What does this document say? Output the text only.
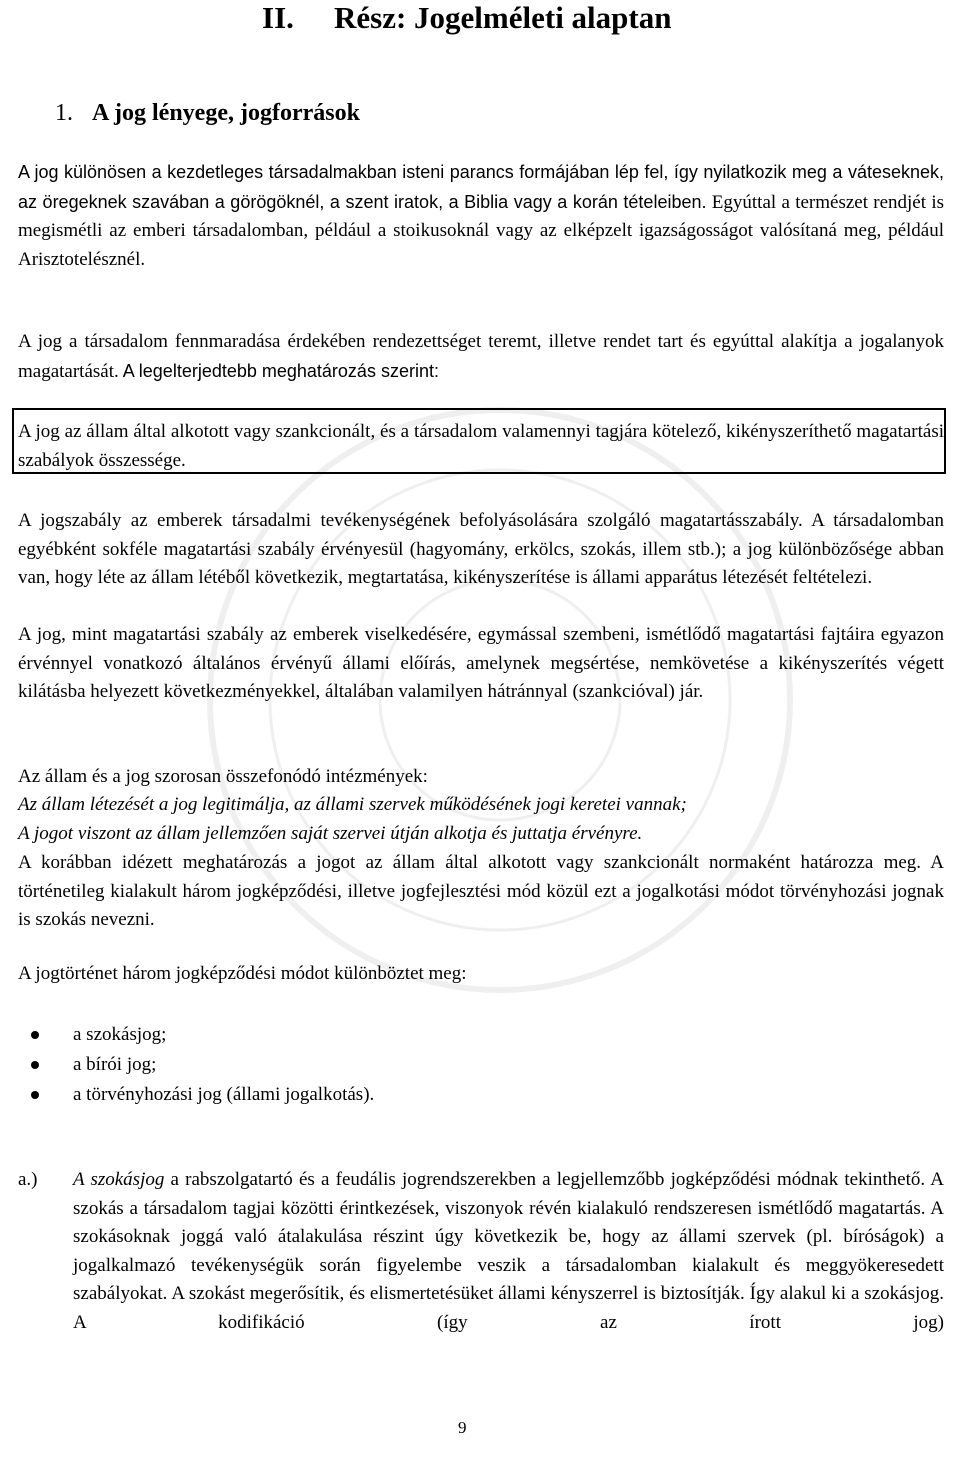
II. Rész: Jogelméleti alaptan
1. A jog lényege, jogforrások

A jog különösen a kezdetleges társadalmakban isteni parancs formájában lép fel, így nyilatkozik meg a váteseknek, az öregeknek szavában a görögöknél, a szent iratok, a Biblia vagy a korán tételeiben. Egyúttal a természet rendjét is megismétli az emberi társadalomban, például a stoikusoknál vagy az elképzelt igazságosságot valósítaná meg, például Arisztotelésznél.

A jog a társadalom fennmaradása érdekében rendezettséget teremt, illetve rendet tart és egyúttal alakítja a jogalanyok magatartását. A legelterjedtebb meghatározás szerint:

A jog az állam által alkotott vagy szankcionált, és a társadalom valamennyi tagjára kötelező, kikényszeríthető magatartási szabályok összessége.

A jogszabály az emberek társadalmi tevékenységének befolyásolására szolgáló magatartásszabály. A társadalomban egyébként sokféle magatartási szabály érvényesül (hagyomány, erkölcs, szokás, illem stb.); a jog különbözősége abban van, hogy léte az állam létéből következik, megtartatása, kikényszerítése is állami apparátus létezését feltételezi.

A jog, mint magatartási szabály az emberek viselkedésére, egymással szembeni, ismétlődő magatartási fajtáira egyazon érvénnyel vonatkozó általános érvényű állami előírás, amelynek megsértése, nemkövetése a kikényszerítés végett kilátásba helyezett következményekkel, általában valamilyen hátránnyal (szankcióval) jár.

Az állam és a jog szorosan összefonódó intézmények:

Az állam létezését a jog legitimálja, az állami szervek működésének jogi keretei vannak;

A jogot viszont az állam jellemzően saját szervei útján alkotja és juttatja érvényre.

A korábban idézett meghatározás a jogot az állam által alkotott vagy szankcionált normaként határozza meg. A történetileg kialakult három jogképződési, illetve jogfejlesztési mód közül ezt a jogalkotási módot törvényhozási jognak is szokás nevezni.

A jogtörténet három jogképződési módot különböztet meg:

a szokásjog;
a bírói jog;
a törvényhozási jog (állami jogalkotás).
a.) A szokásjog a rabszolgatartó és a feudális jogrendszerekben a legjellemzőbb jogképződési módnak tekinthető. A szokás a társadalom tagjai közötti érintkezések, viszonyok révén kialakuló rendszeresen ismétlődő magatartás. A szokásoknak joggá való átalakulása részint úgy következik be, hogy az állami szervek (pl. bíróságok) a jogalkalmazó tevékenységük során figyelembe veszik a társadalomban kialakult és meggyökeresedett szabályokat. A szokást megerősítik, és elismertetésüket állami kényszerrel is biztosítják. Így alakul ki a szokásjog. A kodifikáció (így az írott jog)

9
